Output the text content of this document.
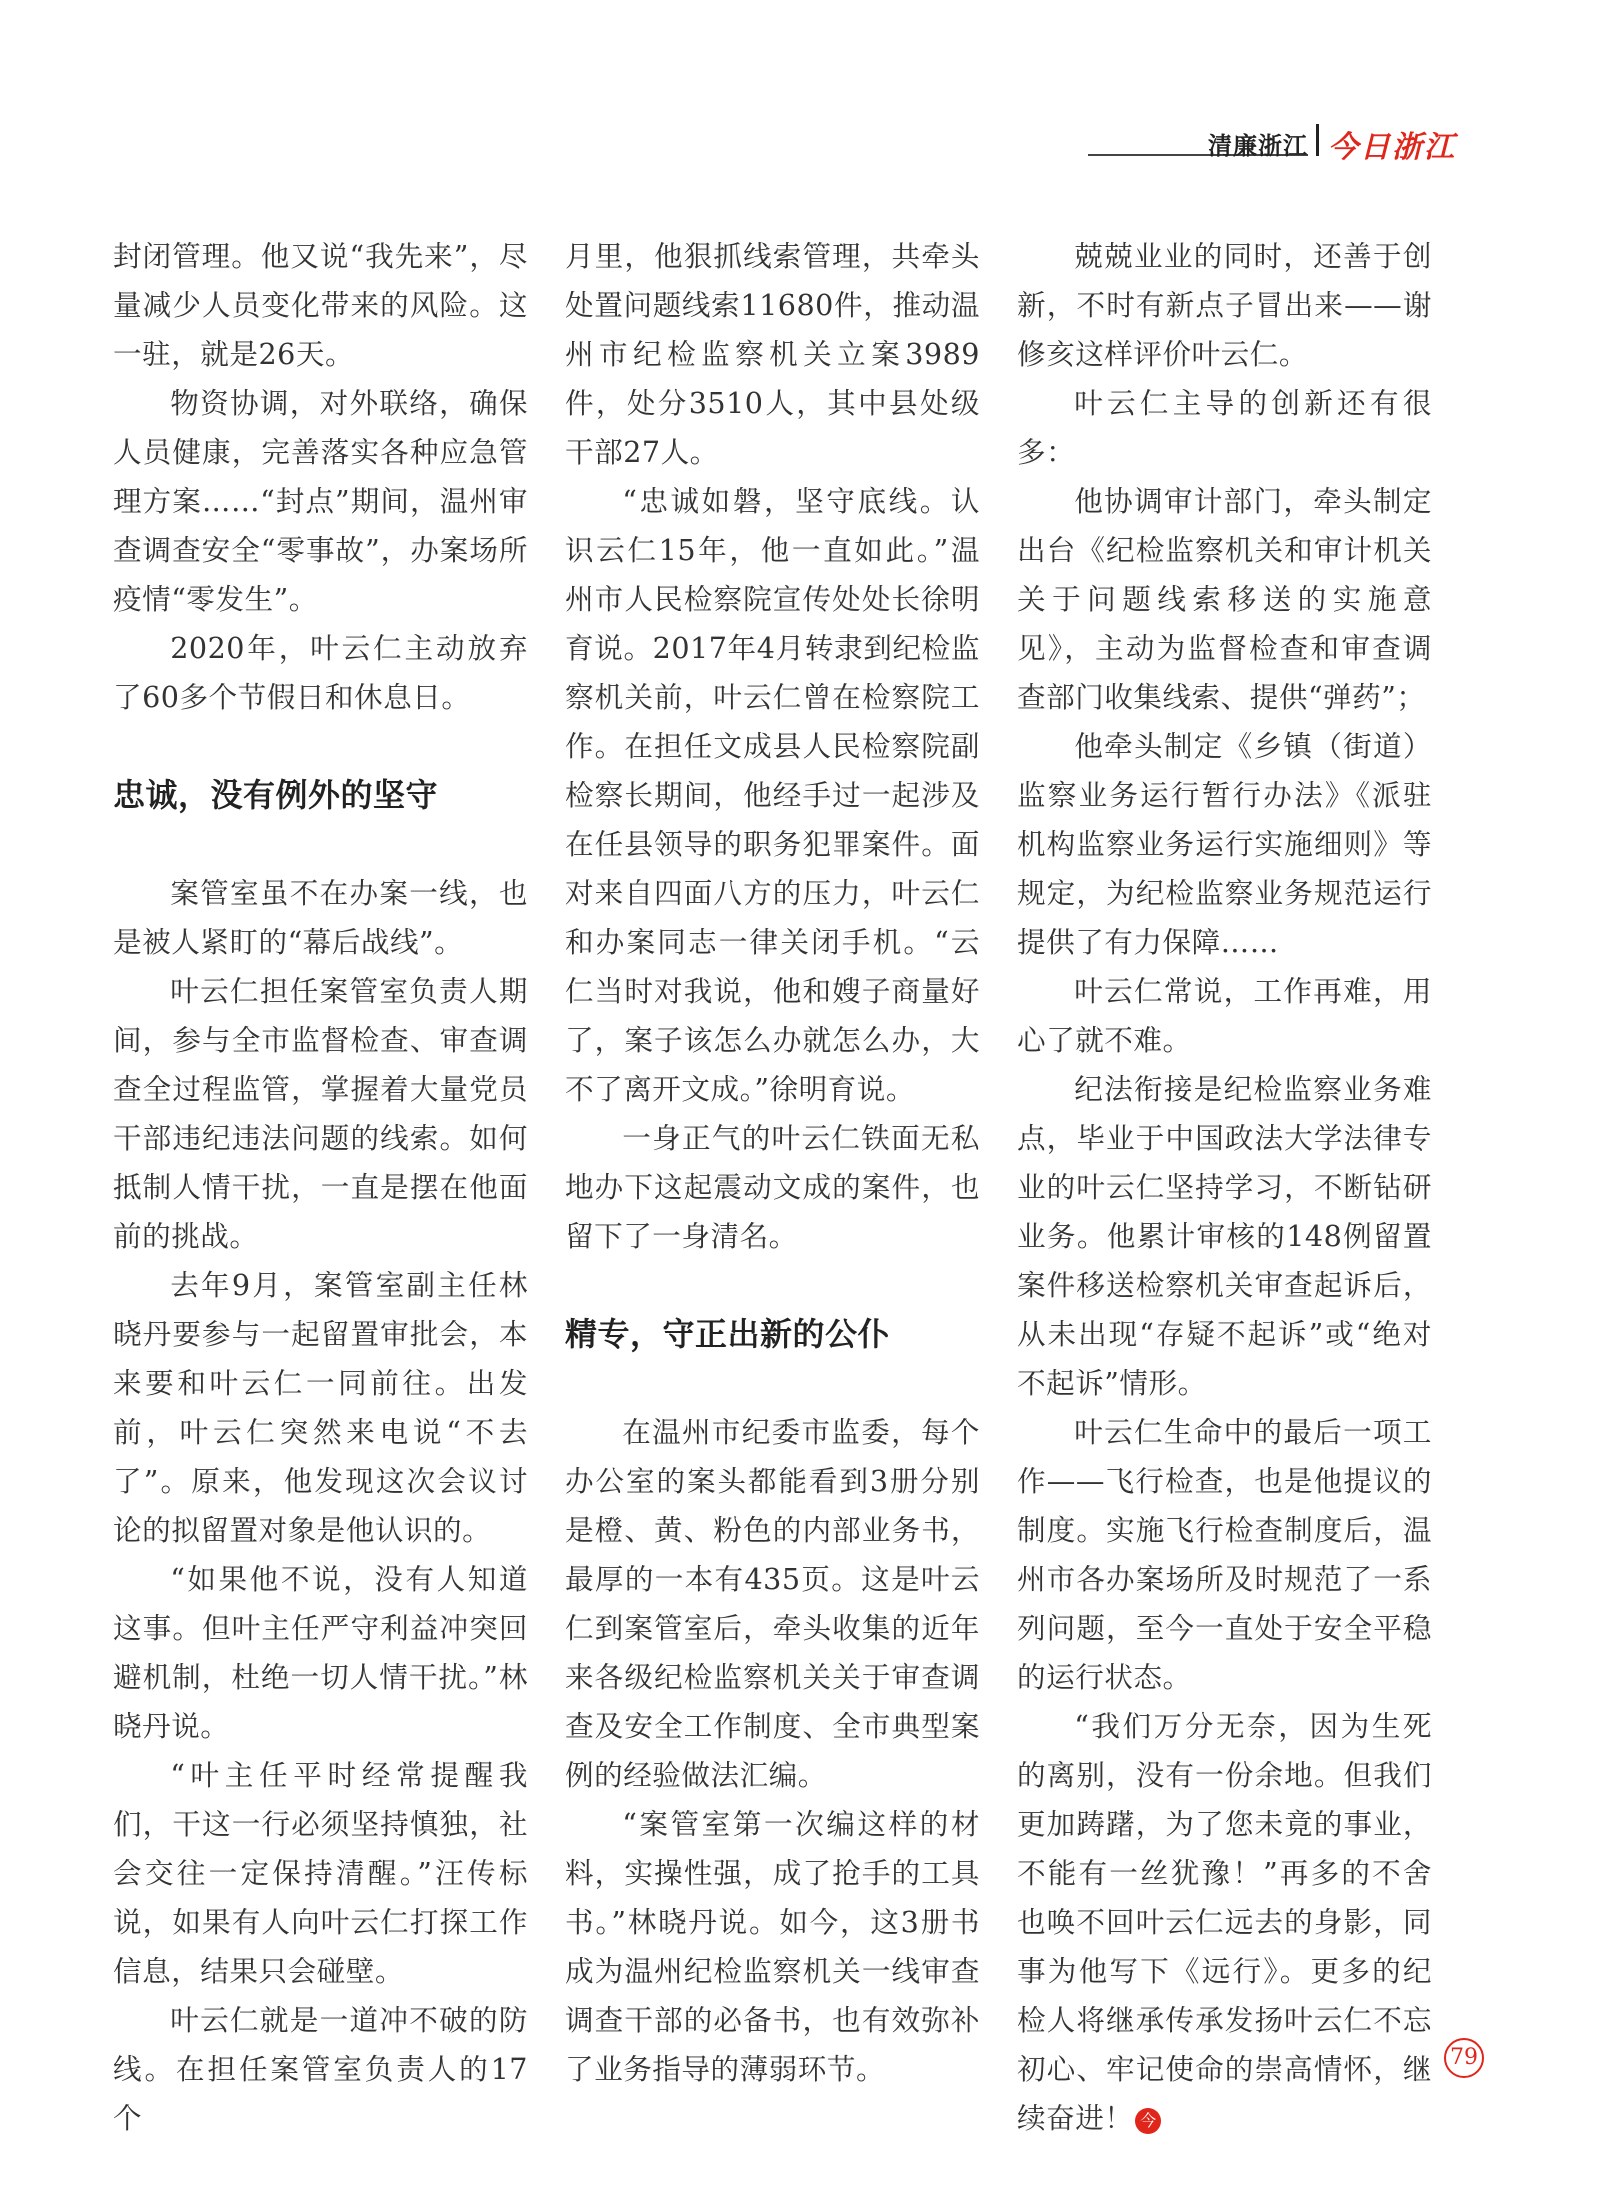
清廉浙江 今日浙江

封闭管理。他又说“我先来”，尽量减少人员变化带来的风险。这一驻，就是26天。

物资协调，对外联络，确保人员健康，完善落实各种应急管理方案……“封点”期间，温州审查调查安全“零事故”，办案场所疫情“零发生”。

2020年，叶云仁主动放弃了60多个节假日和休息日。

忠诚，没有例外的坚守

案管室虽不在办案一线，也是被人紧盯的“幕后战线”。

叶云仁担任案管室负责人期间，参与全市监督检查、审查调查全过程监管，掌握着大量党员干部违纪违法问题的线索。如何抵制人情干扰，一直是摆在他面前的挑战。

去年9月，案管室副主任林晓丹要参与一起留置审批会，本来要和叶云仁一同前往。出发前，叶云仁突然来电说“不去了”。原来，他发现这次会议讨论的拟留置对象是他认识的。

“如果他不说，没有人知道这事。但叶主任严守利益冲突回避机制，杜绝一切人情干扰。”林晓丹说。

“叶主任平时经常提醒我们，干这一行必须坚持慎独，社会交往一定保持清醒。”汪传标说，如果有人向叶云仁打探工作信息，结果只会碰壁。

叶云仁就是一道冲不破的防线。在担任案管室负责人的17个

月里，他狠抓线索管理，共牵头处置问题线索11680件，推动温州市纪检监察机关立案3989件，处分3510人，其中县处级干部27人。

“忠诚如磐，坚守底线。认识云仁15年，他一直如此。”温州市人民检察院宣传处处长徐明育说。2017年4月转隶到纪检监察机关前，叶云仁曾在检察院工作。在担任文成县人民检察院副检察长期间，他经手过一起涉及在任县领导的职务犯罪案件。面对来自四面八方的压力，叶云仁和办案同志一律关闭手机。“云仁当时对我说，他和嫂子商量好了，案子该怎么办就怎么办，大不了离开文成。”徐明育说。

一身正气的叶云仁铁面无私地办下这起震动文成的案件，也留下了一身清名。

精专，守正出新的公仆

在温州市纪委市监委，每个办公室的案头都能看到3册分别是橙、黄、粉色的内部业务书，最厚的一本有435页。这是叶云仁到案管室后，牵头收集的近年来各级纪检监察机关关于审查调查及安全工作制度、全市典型案例的经验做法汇编。

“案管室第一次编这样的材料，实操性强，成了抢手的工具书。”林晓丹说。如今，这3册书成为温州纪检监察机关一线审查调查干部的必备书，也有效弥补了业务指导的薄弱环节。

兢兢业业的同时，还善于创新，不时有新点子冒出来——谢修亥这样评价叶云仁。

叶云仁主导的创新还有很多：

他协调审计部门，牵头制定出台《纪检监察机关和审计机关关于问题线索移送的实施意见》，主动为监督检查和审查调查部门收集线索、提供“弹药”；

他牵头制定《乡镇（街道）监察业务运行暂行办法》《派驻机构监察业务运行实施细则》等规定，为纪检监察业务规范运行提供了有力保障……

叶云仁常说，工作再难，用心了就不难。

纪法衔接是纪检监察业务难点，毕业于中国政法大学法律专业的叶云仁坚持学习，不断钻研业务。他累计审核的148例留置案件移送检察机关审查起诉后，从未出现“存疑不起诉”或“绝对不起诉”情形。

叶云仁生命中的最后一项工作——飞行检查，也是他提议的制度。实施飞行检查制度后，温州市各办案场所及时规范了一系列问题，至今一直处于安全平稳的运行状态。

“我们万分无奈，因为生死的离别，没有一份余地。但我们更加踌躇，为了您未竟的事业，不能有一丝犹豫！”再多的不舍也唤不回叶云仁远去的身影，同事为他写下《远行》。更多的纪检人将继承传承发扬叶云仁不忘初心、牢记使命的崇高情怀，继续奋进！ 今

79
